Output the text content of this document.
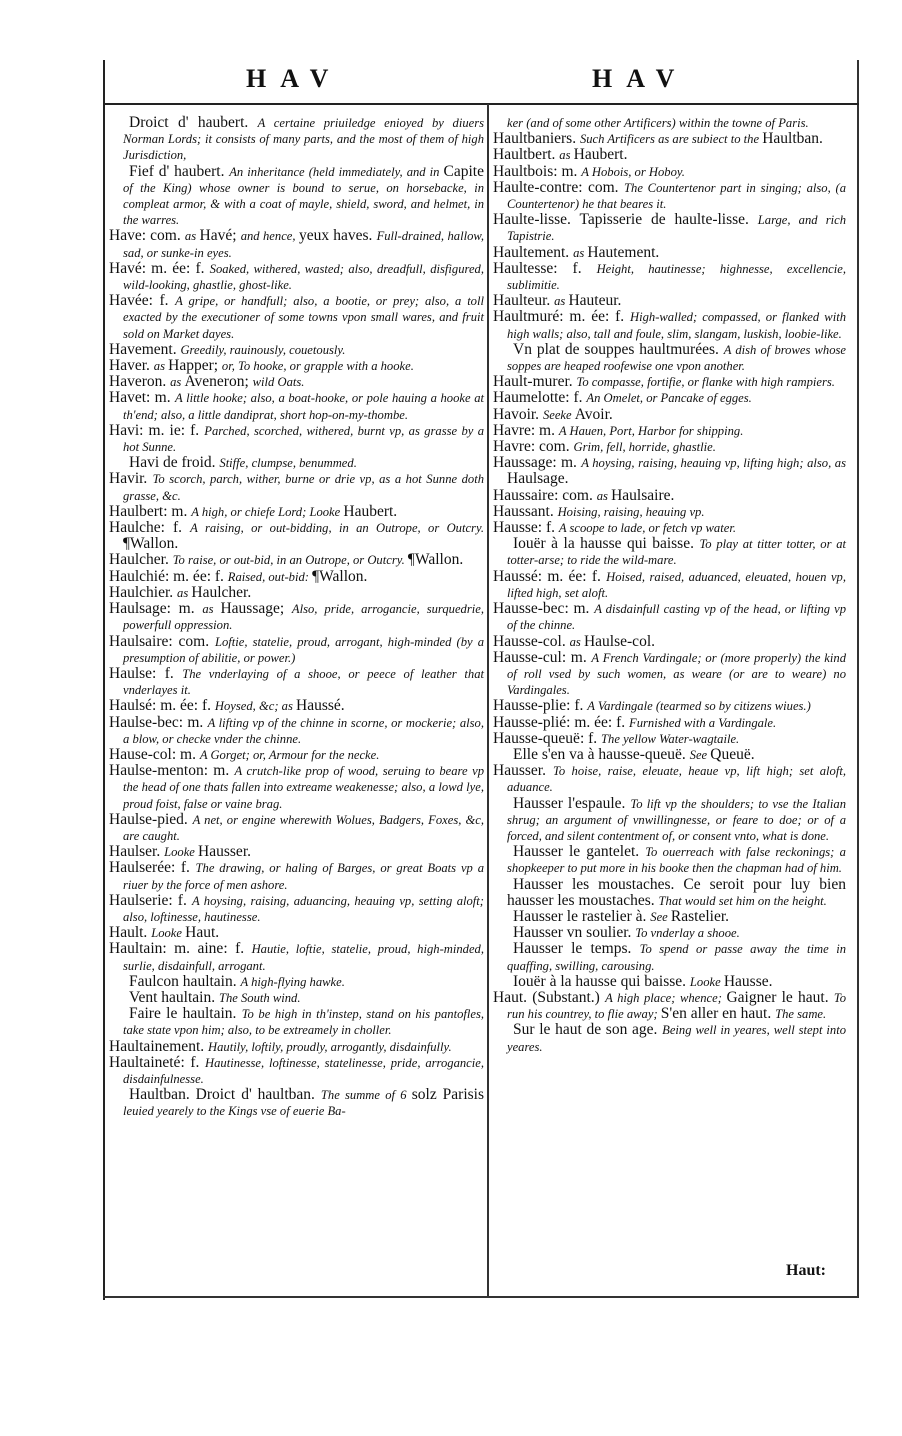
HAV	HAV

Droict d' haubert. A certaine priuiledge enioyed by diuers Norman Lords; it consists of many parts, and the most of them of high Jurisdiction,

Fief d' haubert. An inheritance (held immediately, and in Capite of the King) whose owner is bound to serue, on horsebacke, in compleat armor, & with a coat of mayle, shield, sword, and helmet, in the warres.

Have: com. as Havé; and hence, yeux haves. Full-drained, hallow, sad, or sunke-in eyes.

Havé: m. ée: f. Soaked, withered, wasted; also, dreadfull, disfigured, wild-looking, ghastlie, ghost-like.

Havée: f. A gripe, or handfull; also, a bootie, or prey; also, a toll exacted by the executioner of some towns vpon small wares, and fruit sold on Market dayes.

Havement. Greedily, rauinously, couetously.

Haver. as Happer; or, To hooke, or grapple with a hooke.

Haveron. as Aveneron; wild Oats.

Havet: m. A little hooke; also, a boat-hooke, or pole hauing a hooke at th'end; also, a little dandiprat, short hop-on-my-thombe.

Havi: m. ie: f. Parched, scorched, withered, burnt vp, as grasse by a hot Sunne.

Havi de froid. Stiffe, clumpse, benummed.

Havir. To scorch, parch, wither, burne or drie vp, as a hot Sunne doth grasse, &c.

Haulbert: m. A high, or chiefe Lord; Looke Haubert.

Haulche: f. A raising, or out-bidding, in an Outrope, or Outcry. ¶Wallon.

Haulcher. To raise, or out-bid, in an Outrope, or Outcry. ¶Wallon.

Haulchié: m. ée: f. Raised, out-bid: ¶Wallon.

Haulchier. as Haulcher.

Haulsage: m. as Haussage; Also, pride, arrogancie, surquedrie, powerfull oppression.

Haulsaire: com. Loftie, statelie, proud, arrogant, high-minded (by a presumption of abilitie, or power.)

Haulse: f. The vnderlaying of a shooe, or peece of leather that vnderlayes it.

Haulsé: m. ée: f. Hoysed, &c; as Haussé.

Haulse-bec: m. A lifting vp of the chinne in scorne, or mockerie; also, a blow, or checke vnder the chinne.

Hause-col: m. A Gorget; or, Armour for the necke.

Haulse-menton: m. A crutch-like prop of wood, seruing to beare vp the head of one thats fallen into extreame weakenesse; also, a lowd lye, proud foist, false or vaine brag.

Haulse-pied. A net, or engine wherewith Wolues, Badgers, Foxes, &c, are caught.

Haulser. Looke Hausser.

Haulserée: f. The drawing, or haling of Barges, or great Boats vp a riuer by the force of men ashore.

Haulserie: f. A hoysing, raising, aduancing, heauing vp, setting aloft; also, loftinesse, hautinesse.

Hault. Looke Haut.

Haultain: m. aine: f. Hautie, loftie, statelie, proud, high-minded, surlie, disdainfull, arrogant.

Faulcon haultain. A high-flying hawke.

Vent haultain. The South wind.

Faire le haultain. To be high in th'instep, stand on his pantofles, take state vpon him; also, to be extreamely in choller.

Haultainement. Hautily, loftily, proudly, arrogantly, disdainfully.

Haultaineté: f. Hautinesse, loftinesse, statelinesse, pride, arrogancie, disdainfulnesse.

Haultban. Droict d' haultban. The summe of 6 solz Parisis leuied yearely to the Kings vse of euerie Ba-

ker (and of some other Artificers) within the towne of Paris.

Haultbaniers. Such Artificers as are subiect to the Haultban.

Haultbert. as Haubert.

Haultbois: m. A Hobois, or Hoboy.

Haulte-contre: com. The Countertenor part in singing; also, (a Countertenor) he that beares it.

Haulte-lisse. Tapisserie de haulte-lisse. Large, and rich Tapistrie.

Haultement. as Hautement.

Haultesse: f. Height, hautinesse; highnesse, excellencie, sublimitie.

Haulteur. as Hauteur.

Haultmuré: m. ée: f. High-walled; compassed, or flanked with high walls; also, tall and foule, slim, slangam, luskish, loobie-like.

Vn plat de souppes haultmurées. A dish of browes whose soppes are heaped roofewise one vpon another.

Hault-murer. To compasse, fortifie, or flanke with high rampiers.

Haumelotte: f. An Omelet, or Pancake of egges.

Havoir. Seeke Avoir.

Havre: m. A Hauen, Port, Harbor for shipping.

Havre: com. Grim, fell, horride, ghastlie.

Haussage: m. A hoysing, raising, heauing vp, lifting high; also, as Haulsage.

Haussaire: com. as Haulsaire.

Haussant. Hoising, raising, heauing vp.

Hausse: f. A scoope to lade, or fetch vp water.

Iouër à la hausse qui baisse. To play at titter totter, or at totter-arse; to ride the wild-mare.

Haussé: m. ée: f. Hoised, raised, aduanced, eleuated, houen vp, lifted high, set aloft.

Hausse-bec: m. A disdainfull casting vp of the head, or lifting vp of the chinne.

Hausse-col. as Haulse-col.

Hausse-cul: m. A French Vardingale; or (more properly) the kind of roll vsed by such women, as weare (or are to weare) no Vardingales.

Hausse-plie: f. A Vardingale (tearmed so by citizens wiues.)

Hausse-plié: m. ée: f. Furnished with a Vardingale.

Hausse-queuë: f. The yellow Water-wagtaile.

Elle s'en va à hausse-queuë. See Queuë.

Hausser. To hoise, raise, eleuate, heaue vp, lift high; set aloft, aduance.

Hausser l'espaule. To lift vp the shoulders; to vse the Italian shrug; an argument of vnwillingnesse, or feare to doe; or of a forced, and silent contentment of, or consent vnto, what is done.

Hausser le gantelet. To ouerreach with false reckonings; a shopkeeper to put more in his booke then the chapman had of him.

Hausser les moustaches. Ce seroit pour luy bien hausser les moustaches. That would set him on the height.

Hausser le rastelier à. See Rastelier.

Hausser vn soulier. To vnderlay a shooe.

Hausser le temps. To spend or passe away the time in quaffing, swilling, carousing.

Iouër à la hausse qui baisse. Looke Hausse.

Haut. (Substant.) A high place; whence; Gaigner le haut. To run his countrey, to flie away; S'en aller en haut. The same.

Sur le haut de son age. Being well in yeares, well stept into yeares.

Haut:
